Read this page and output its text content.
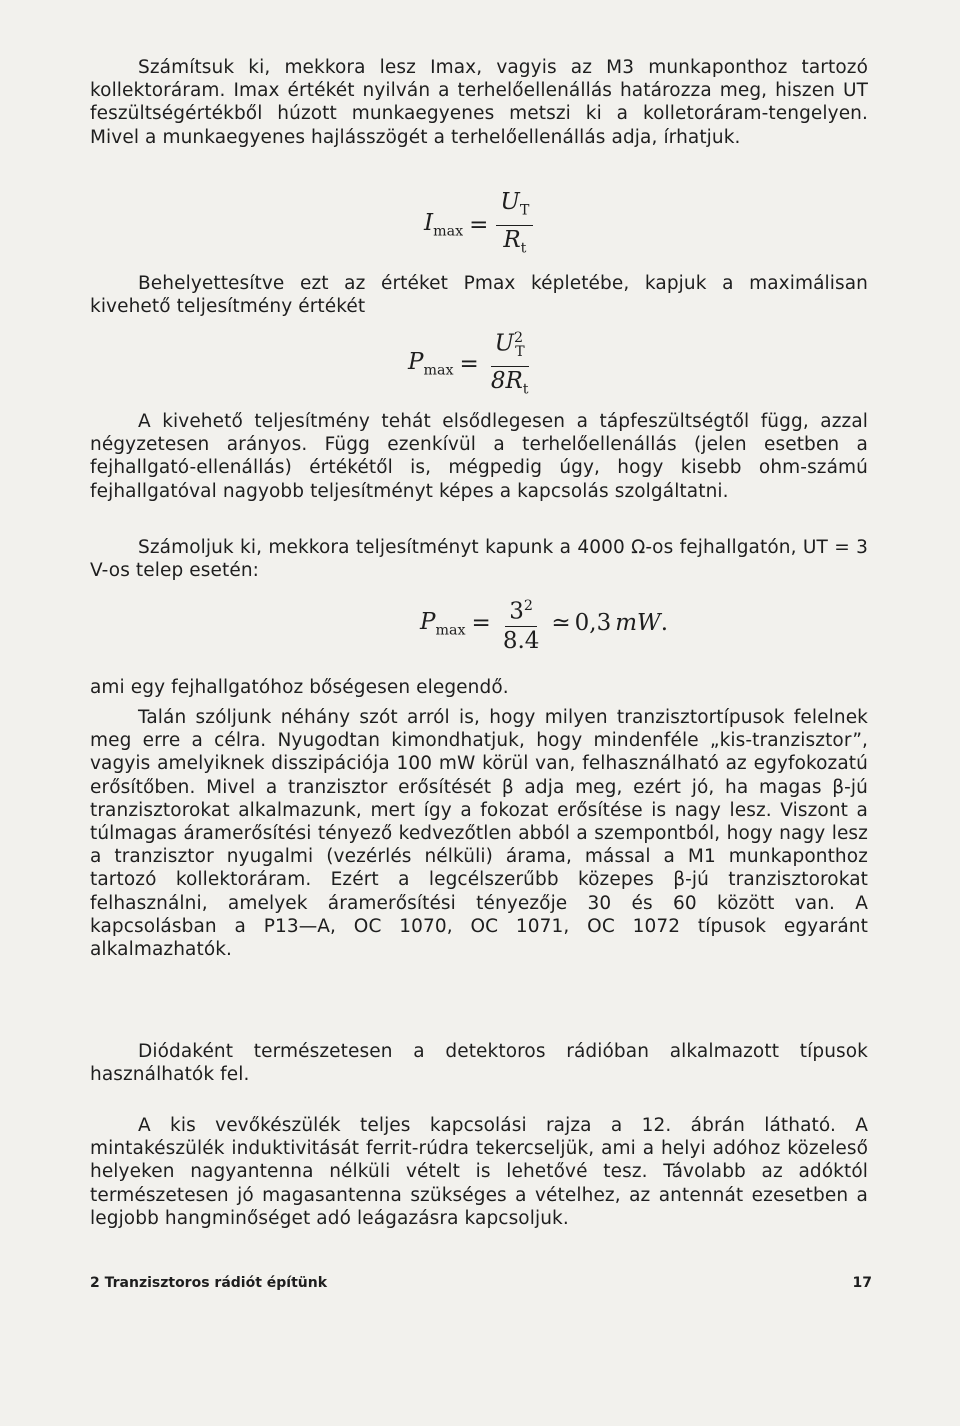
Számítsuk ki, mekkora lesz Imax, vagyis az M3 munkaponthoz tartozó kollektoráram. Imax értékét nyilván a terhelőellenállás határozza meg, hiszen UT feszültségértékből húzott munkaegyenes metszi ki a kolletoráram-tengelyen. Mivel a munkaegyenes hajlásszögét a terhelőellenállás adja, írhatjuk.
$I_{max} = \frac{U_T}{R_t}$
Behelyettesítve ezt az értéket Pmax képletébe, kapjuk a maximálisan kivehető teljesítmény értékét
$P_{max} = \frac{U^2_T}{8R_t}$
A kivehető teljesítmény tehát elsődlegesen a tápfeszültségtől függ, azzal négyzetesen arányos. Függ ezenkívül a terhelőellenállás (jelen esetben a fejhallgató-ellenállás) értékétől is, mégpedig úgy, hogy kisebb ohm-számú fejhallgatóval nagyobb teljesítményt képes a kapcsolás szolgáltatni.
Számoljuk ki, mekkora teljesítményt kapunk a 4000 Ω-os fejhallgatón, UT = 3 V-os telep esetén:
$P_{max} = \frac{3^2}{8.4}$ ≃ 0,3 mW .
ami egy fejhallgatóhoz bőségesen elegendő.
Talán szóljunk néhány szót arról is, hogy milyen tranzisztortípusok felelnek meg erre a célra. Nyugodtan kimondhatjuk, hogy mindenféle „kis-tranzisztor”, vagyis amelyiknek disszipációja 100 mW körül van, felhasználható az egyfokozatú erősítőben. Mivel a tranzisztor erősítését β adja meg, ezért jó, ha magas β-jú tranzisztorokat alkalmazunk, mert így a fokozat erősítése is nagy lesz. Viszont a túlmagas áramerősítési tényező kedvezőtlen abból a szempontból, hogy nagy lesz a tranzisztor nyugalmi (vezérlés nélküli) árama, mással a M1 munkaponthoz tartozó kollektoráram. Ezért a legcélszerűbb közepes β-jú tranzisztorokat felhasználni, amelyek áramerősítési tényezője 30 és 60 között van. A kapcsolásban a P13—A, OC 1070, OC 1071, OC 1072 típusok egyaránt alkalmazhatók.
Diódaként természetesen a detektoros rádióban alkalmazott típusok használhatók fel.
A kis vevőkészülék teljes kapcsolási rajza a 12. ábrán látható. A mintakészülék induktivitását ferrit-rúdra tekercseljük, ami a helyi adóhoz közeleső helyeken nagyantenna nélküli vételt is lehetővé tesz. Távolabb az adóktól természetesen jó magasantenna szükséges a vételhez, az antennát ezesetben a legjobb hangminőséget adó leágazásra kapcsoljuk.
2 Tranzisztoros rádiót építünk	17
